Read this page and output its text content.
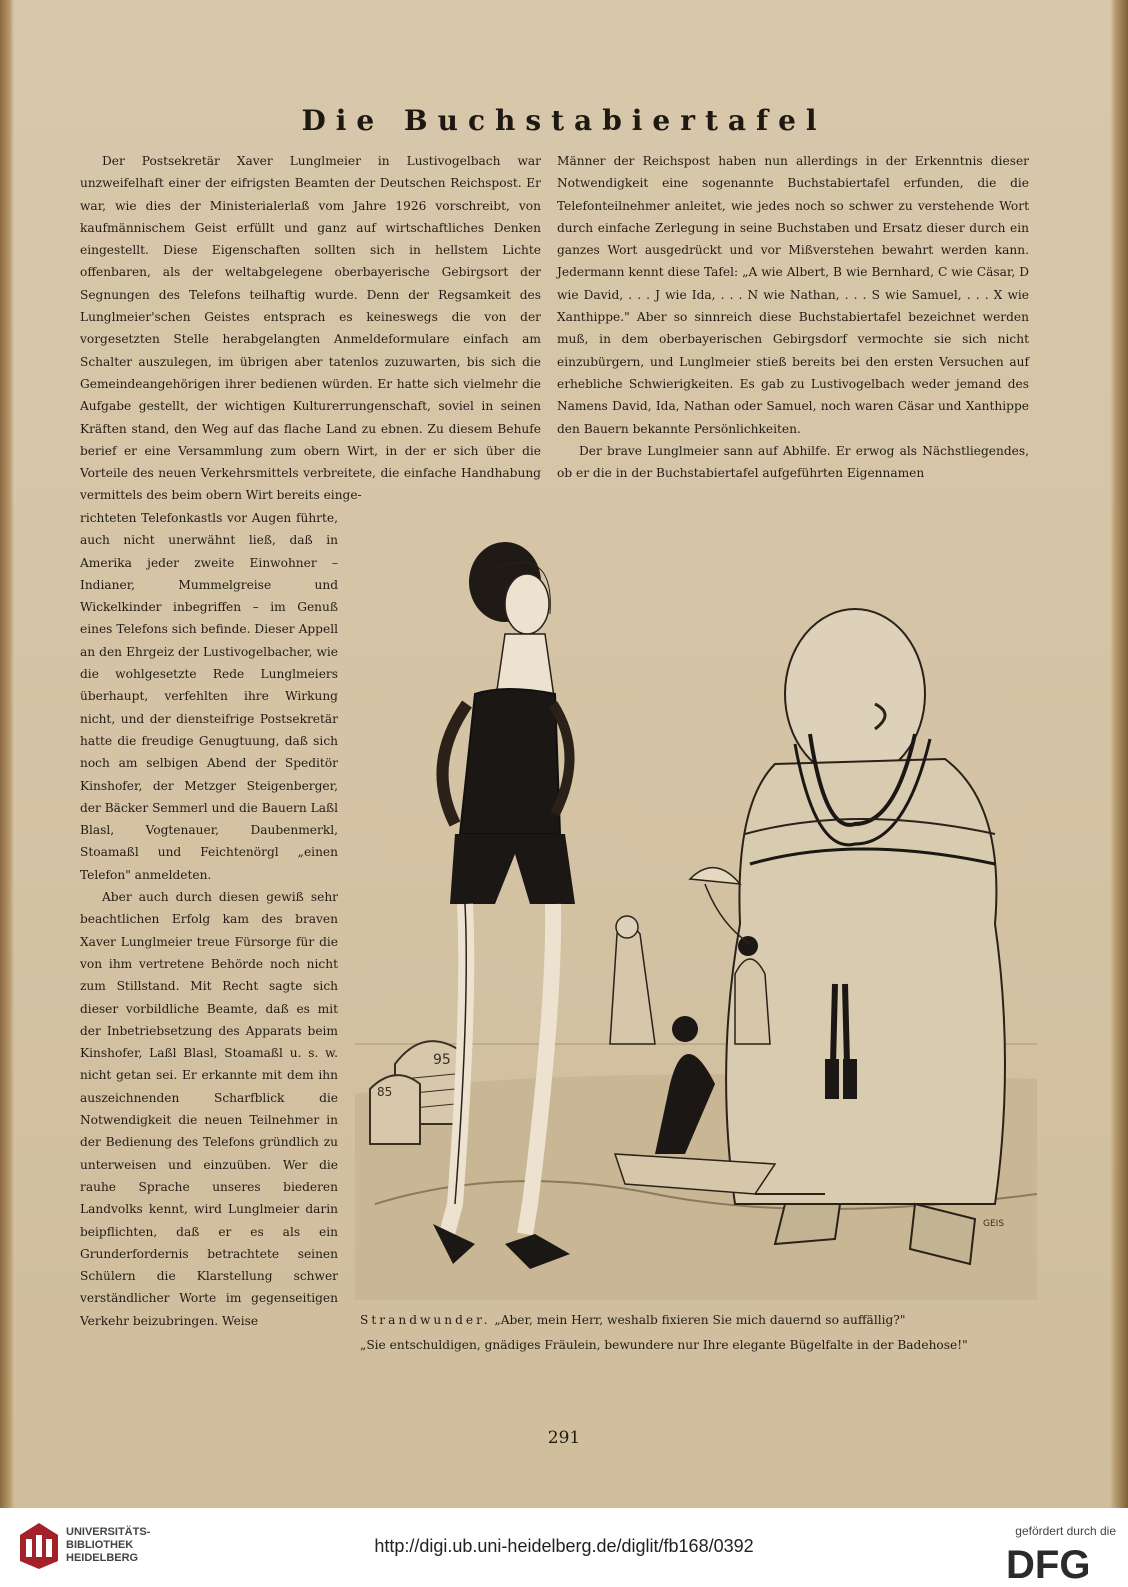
Die Buchstabiertafel

Der Postsekretär Xaver Lunglmeier in Lustivogelbach war unzweifelhaft einer der eifrigsten Beamten der Deutschen Reichspost. Er war, wie dies der Ministerialerlaß vom Jahre 1926 vorschreibt, von kaufmännischem Geist erfüllt und ganz auf wirtschaftliches Denken eingestellt. Diese Eigenschaften sollten sich in hellstem Lichte offenbaren, als der weltabgelegene oberbayerische Gebirgsort der Segnungen des Telefons teilhaftig wurde. Denn der Regsamkeit des Lunglmeier'schen Geistes entsprach es keineswegs die von der vorgesetzten Stelle herabgelangten Anmeldeformulare einfach am Schalter auszulegen, im übrigen aber tatenlos zuzuwarten, bis sich die Gemeindeangehörigen ihrer bedienen würden. Er hatte sich vielmehr die Aufgabe gestellt, der wichtigen Kulturerrungenschaft, soviel in seinen Kräften stand, den Weg auf das flache Land zu ebnen. Zu diesem Behufe berief er eine Versammlung zum obern Wirt, in der er sich über die Vorteile des neuen Verkehrsmittels verbreitete, die einfache Handhabung vermittels des beim obern Wirt bereits einge-

richteten Telefonkastls vor Augen führte, auch nicht unerwähnt ließ, daß in Amerika jeder zweite Einwohner – Indianer, Mummelgreise und Wickelkinder inbegriffen – im Genuß eines Telefons sich befinde. Dieser Appell an den Ehrgeiz der Lustivogelbacher, wie die wohlgesetzte Rede Lunglmeiers überhaupt, verfehlten ihre Wirkung nicht, und der diensteifrige Postsekretär hatte die freudige Genugtuung, daß sich noch am selbigen Abend der Speditör Kinshofer, der Metzger Steigenberger, der Bäcker Semmerl und die Bauern Laßl Blasl, Vogtenauer, Daubenmerkl, Stoamaßl und Feichtenörgl „einen Telefon" anmeldeten.

Aber auch durch diesen gewiß sehr beachtlichen Erfolg kam des braven Xaver Lunglmeier treue Fürsorge für die von ihm vertretene Behörde noch nicht zum Stillstand. Mit Recht sagte sich dieser vorbildliche Beamte, daß es mit der Inbetriebsetzung des Apparats beim Kinshofer, Laßl Blasl, Stoamaßl u. s. w. nicht getan sei. Er erkannte mit dem ihn auszeichnenden Scharfblick die Notwendigkeit die neuen Teilnehmer in der Bedienung des Telefons gründlich zu unterweisen und einzuüben. Wer die rauhe Sprache unseres biederen Landvolks kennt, wird Lunglmeier darin beipflichten, daß er es als ein Grunderfordernis betrachtete seinen Schülern die Klarstellung schwer verständlicher Worte im gegenseitigen Verkehr beizubringen. Weise

Männer der Reichspost haben nun allerdings in der Erkenntnis dieser Notwendigkeit eine sogenannte Buchstabiertafel erfunden, die die Telefonteilnehmer anleitet, wie jedes noch so schwer zu verstehende Wort durch einfache Zerlegung in seine Buchstaben und Ersatz dieser durch ein ganzes Wort ausgedrückt und vor Mißverstehen bewahrt werden kann. Jedermann kennt diese Tafel: „A wie Albert, B wie Bernhard, C wie Cäsar, D wie David, . . . J wie Ida, . . . N wie Nathan, . . . S wie Samuel, . . . X wie Xanthippe." Aber so sinnreich diese Buchstabiertafel bezeichnet werden muß, in dem oberbayerischen Gebirgsdorf vermochte sie sich nicht einzubürgern, und Lunglmeier stieß bereits bei den ersten Versuchen auf erhebliche Schwierigkeiten. Es gab zu Lustivogelbach weder jemand des Namens David, Ida, Nathan oder Samuel, noch waren Cäsar und Xanthippe den Bauern bekannte Persönlichkeiten.

Der brave Lunglmeier sann auf Abhilfe. Er erwog als Nächstliegendes, ob er die in der Buchstabiertafel aufgeführten Eigennamen

95
85
GEIS
Strandwunder. „Aber, mein Herr, weshalb fixieren Sie mich dauernd so auffällig?"
„Sie entschuldigen, gnädiges Fräulein, bewundere nur Ihre elegante Bügelfalte in der Badehose!"
291
UNIVERSITÄTS-
BIBLIOTHEK
HEIDELBERG
http://digi.ub.uni-heidelberg.de/diglit/fb168/0392
gefördert durch die
DFG
